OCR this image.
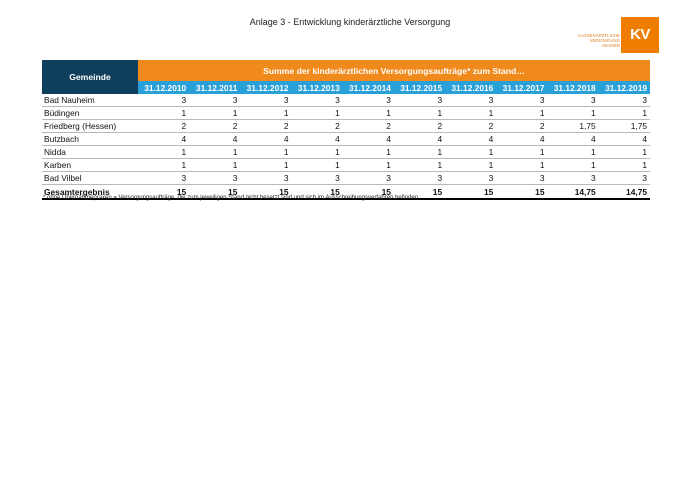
Anlage 3 - Entwicklung kinderärztliche Versorgung
KASSENÄRZTLICHE
VEREINIGUNG
HESSEN
KV
Gemeinde	Summe der kinderärztlichen Versorgungsaufträge* zum Stand…									
	31.12.2010	31.12.2011	31.12.2012	31.12.2013	31.12.2014	31.12.2015	31.12.2016	31.12.2017	31.12.2018	31.12.2019
Bad Nauheim	3	3	3	3	3	3	3	3	3	3
Büdingen	1	1	1	1	1	1	1	1	1	1
Friedberg (Hessen)	2	2	2	2	2	2	2	2	1,75	1,75
Butzbach	4	4	4	4	4	4	4	4	4	4
Nidda	1	1	1	1	1	1	1	1	1	1
Karben	1	1	1	1	1	1	1	1	1	1
Bad Vilbel	3	3	3	3	3	3	3	3	3	3
Gesamtergebnis	15	15	15	15	15	15	15	15	14,75	14,75
* ohne Übernahmepraxen = Versorgungsaufträge, die zum jeweiligen Stand nicht besetzt sind und sich im Ausschreibungsverfahren befinden
